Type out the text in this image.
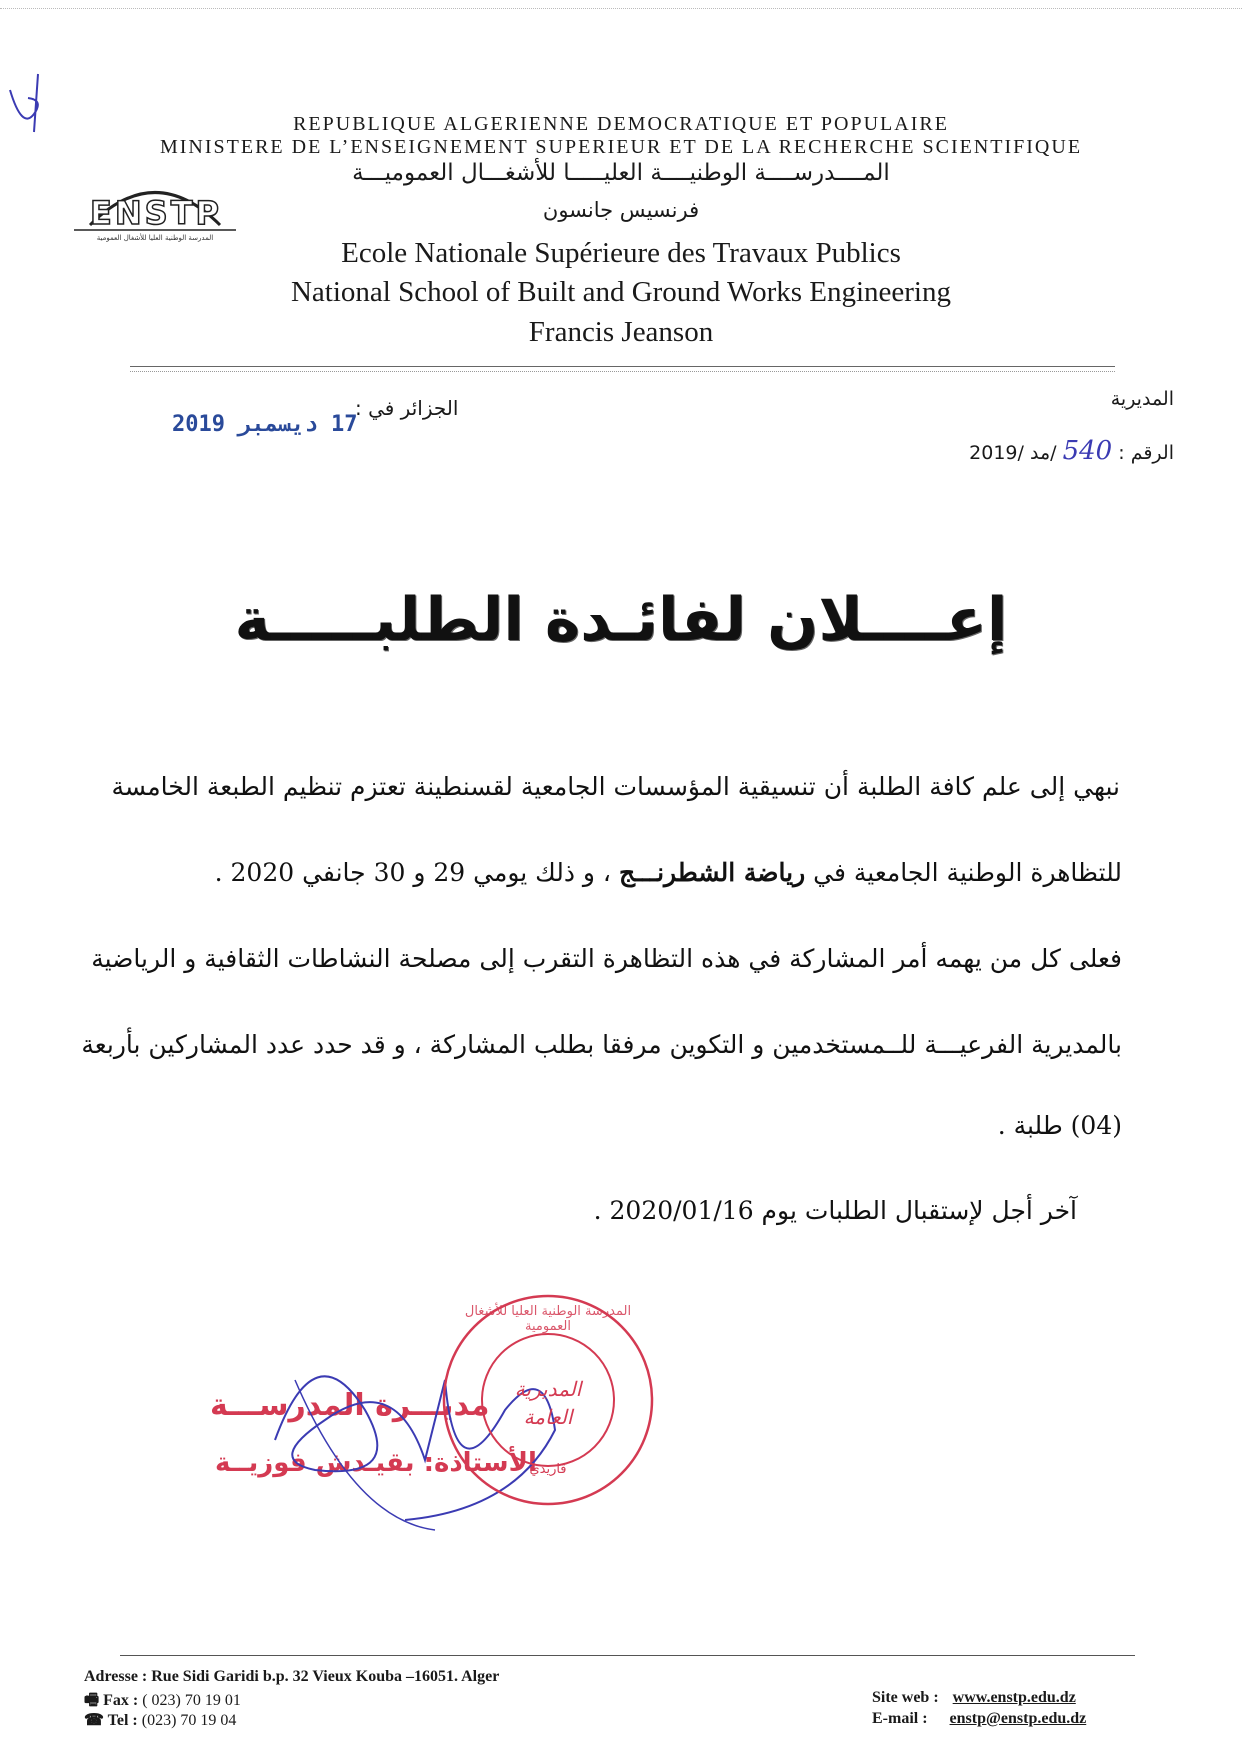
REPUBLIQUE ALGERIENNE DEMOCRATIQUE ET POPULAIRE
MINISTERE DE L’ENSEIGNEMENT SUPERIEUR ET DE LA RECHERCHE SCIENTIFIQUE
المــــدرســــة الوطنيــــة العليـــــا للأشغـــال العموميـــة
فرنسيس جانسون
Ecole Nationale Supérieure des Travaux Publics
National School of Built and Ground Works Engineering
Francis Jeanson
ENSTP
المدرسة الوطنية العليا للأشغال العمومية
المديرية
الرقم : 540 /مد /2019
الجزائر في :
17 ديسمبر 2019
إعــــلان لفائـدة الطلبـــــة
نبهي إلى علم كافة الطلبة أن تنسيقية المؤسسات الجامعية لقسنطينة تعتزم تنظيم الطبعة الخامسة
للتظاهرة الوطنية الجامعية في رياضة الشطرنـــج ، و ذلك يومي 29 و 30 جانفي 2020 .
فعلى كل من يهمه أمر المشاركة في هذه التظاهرة التقرب إلى مصلحة النشاطات الثقافية و الرياضية
بالمديرية الفرعيـــة للــمستخدمين و التكوين مرفقا بطلب المشاركة ، و قد حدد عدد المشاركين بأربعة
(04) طلبة .
آخر أجل لإستقبال الطلبات يوم 2020/01/16 .
مديـــرة المدرســـة
الأستاذة: بقيـدش فوزيــة
المدرسة الوطنية العليا للأشغال العمومية
المديرية العامة
قاريدي
Adresse : Rue Sidi Garidi b.p. 32 Vieux Kouba –16051. Alger
🖷 Fax : ( 023) 70 19 01
☎ Tel : (023) 70 19 04
Site web : www.enstp.edu.dz
E-mail : enstp@enstp.edu.dz
